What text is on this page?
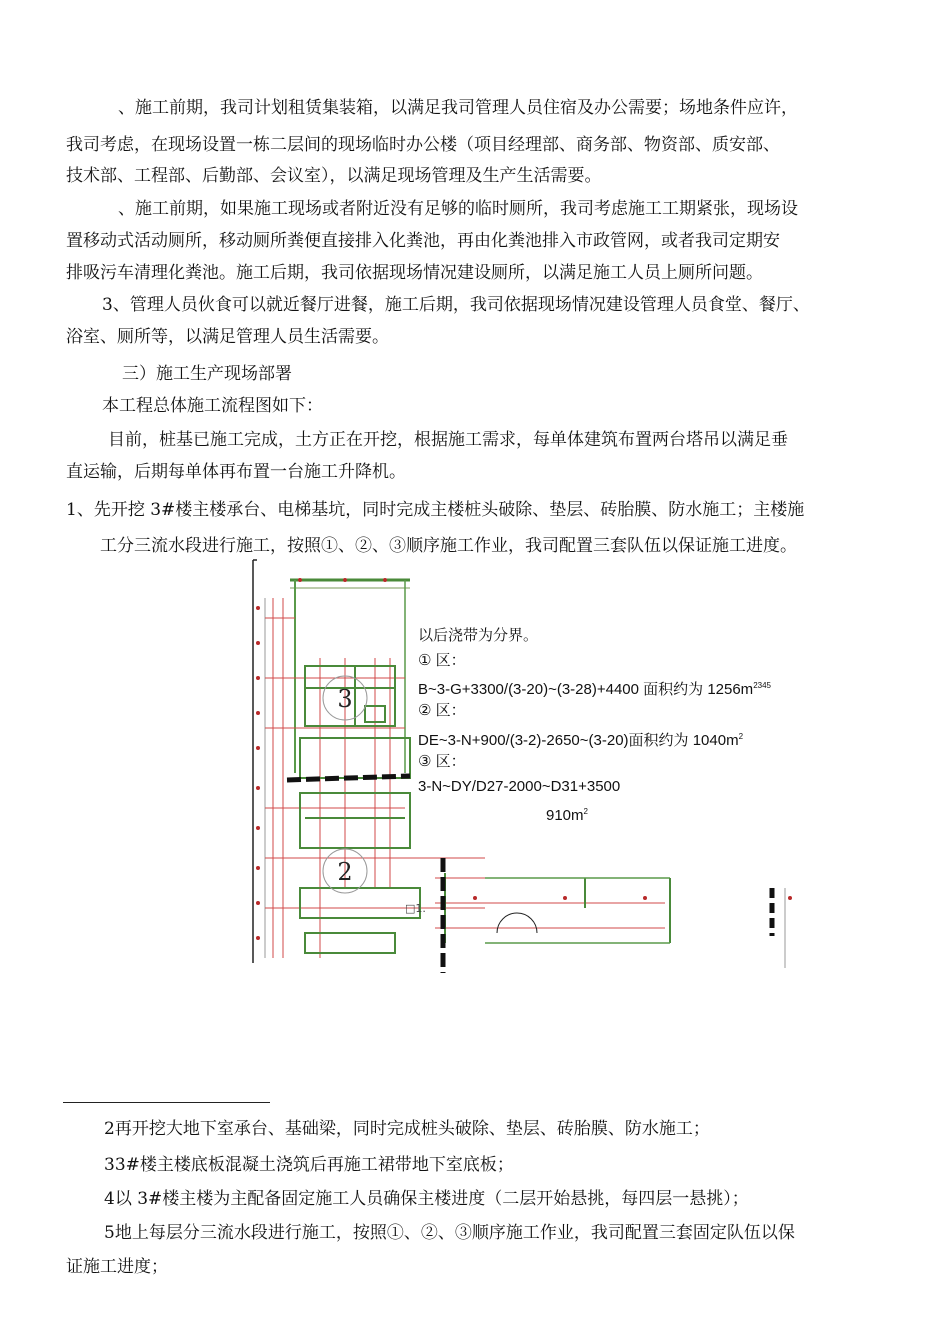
、施工前期，我司计划租赁集装箱，以满足我司管理人员住宿及办公需要；场地条件应许，
我司考虑，在现场设置一栋二层间的现场临时办公楼（项目经理部、商务部、物资部、质安部、
技术部、工程部、后勤部、会议室），以满足现场管理及生产生活需要。
、施工前期，如果施工现场或者附近没有足够的临时厕所，我司考虑施工工期紧张，现场设
置移动式活动厕所，移动厕所粪便直接排入化粪池，再由化粪池排入市政管网，或者我司定期安
排吸污车清理化粪池。施工后期，我司依据现场情况建设厕所，以满足施工人员上厕所问题。
3、管理人员伙食可以就近餐厅进餐，施工后期，我司依据现场情况建设管理人员食堂、餐厅、
浴室、厕所等，以满足管理人员生活需要。
三）施工生产现场部署
本工程总体施工流程图如下：
目前，桩基已施工完成，土方正在开挖，根据施工需求，每单体建筑布置两台塔吊以满足垂
直运输，后期每单体再布置一台施工升降机。
1、先开挖 3#楼主楼承台、电梯基坑，同时完成主楼桩头破除、垫层、砖胎膜、防水施工；主楼施
工分三流水段进行施工，按照①、②、③顺序施工作业，我司配置三套队伍以保证施工进度。
3
2
□1.
以后浇带为分界。
① 区：
B~3-G+3300/(3-20)~(3-28)+4400 面积约为 $1256m^{2345}$
② 区：
DE~3-N+900/(3-2)-2650~(3-20)面积约为 $1040m^2$
③ 区：
3-N~DY/D27-2000~D31+3500
$910m^2$
2再开挖大地下室承台、基础梁，同时完成桩头破除、垫层、砖胎膜、防水施工；
33#楼主楼底板混凝土浇筑后再施工裙带地下室底板；
4以 3#楼主楼为主配备固定施工人员确保主楼进度（二层开始悬挑，每四层一悬挑）；
5地上每层分三流水段进行施工，按照①、②、③顺序施工作业，我司配置三套固定队伍以保
证施工进度；
